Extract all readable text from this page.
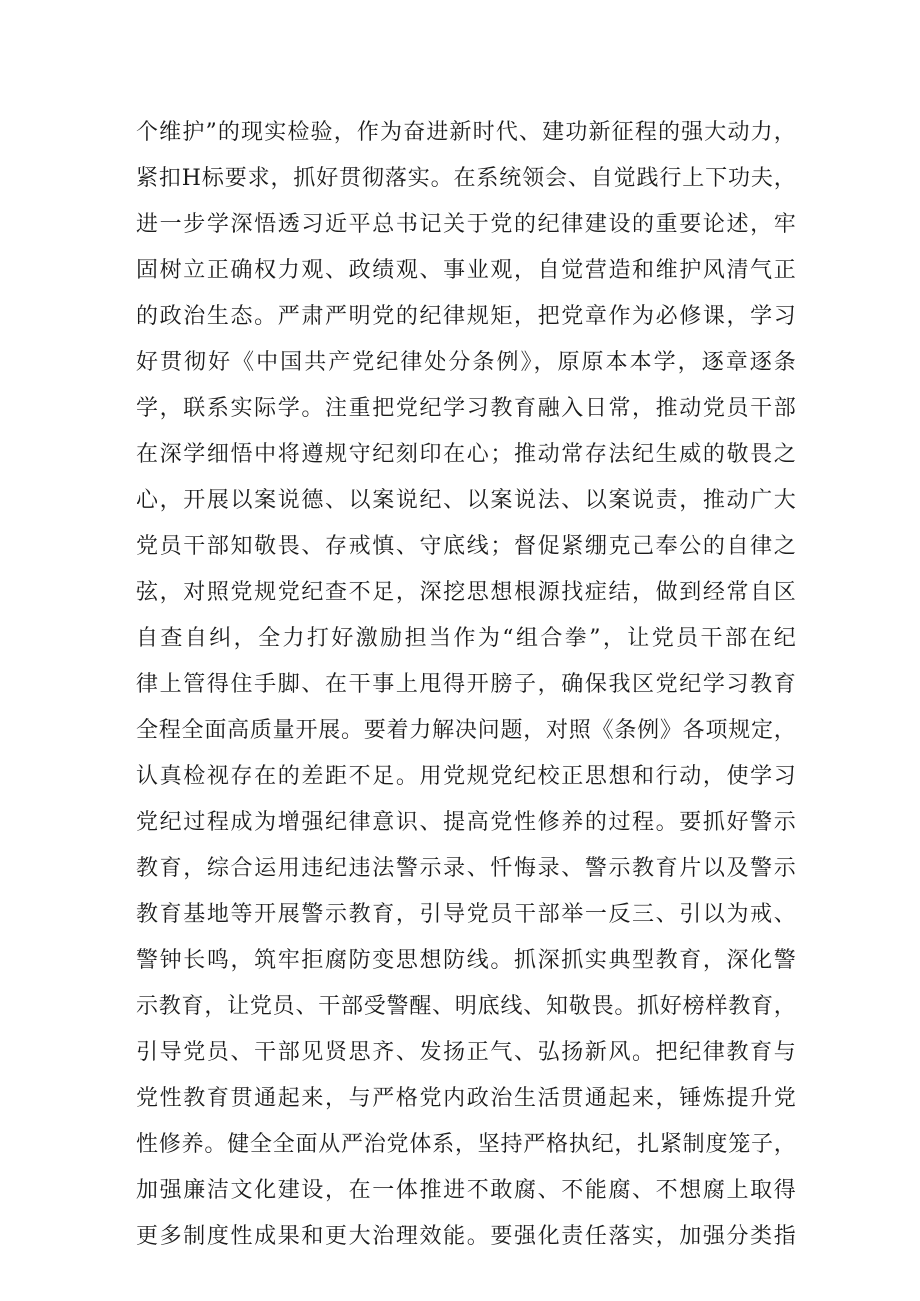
个维护”的现实检验，作为奋进新时代、建功新征程的强大动力，
紧扣H标要求，抓好贯彻落实。在系统领会、自觉践行上下功夫，
进一步学深悟透习近平总书记关于党的纪律建设的重要论述，牢
固树立正确权力观、政绩观、事业观，自觉营造和维护风清气正
的政治生态。严肃严明党的纪律规矩，把党章作为必修课，学习
好贯彻好《中国共产党纪律处分条例》，原原本本学，逐章逐条
学，联系实际学。注重把党纪学习教育融入日常，推动党员干部
在深学细悟中将遵规守纪刻印在心；推动常存法纪生威的敬畏之
心，开展以案说德、以案说纪、以案说法、以案说责，推动广大
党员干部知敬畏、存戒慎、守底线；督促紧绷克己奉公的自律之
弦，对照党规党纪查不足，深挖思想根源找症结，做到经常自区
自查自纠，全力打好激励担当作为“组合拳”，让党员干部在纪
律上管得住手脚、在干事上甩得开膀子，确保我区党纪学习教育
全程全面高质量开展。要着力解决问题，对照《条例》各项规定，
认真检视存在的差距不足。用党规党纪校正思想和行动，使学习
党纪过程成为增强纪律意识、提高党性修养的过程。要抓好警示
教育，综合运用违纪违法警示录、忏悔录、警示教育片以及警示
教育基地等开展警示教育，引导党员干部举一反三、引以为戒、
警钟长鸣，筑牢拒腐防变思想防线。抓深抓实典型教育，深化警
示教育，让党员、干部受警醒、明底线、知敬畏。抓好榜样教育，
引导党员、干部见贤思齐、发扬正气、弘扬新风。把纪律教育与
党性教育贯通起来，与严格党内政治生活贯通起来，锤炼提升党
性修养。健全全面从严治党体系，坚持严格执纪，扎紧制度笼子，
加强廉洁文化建设，在一体推进不敢腐、不能腐、不想腐上取得
更多制度性成果和更大治理效能。要强化责任落实，加强分类指
